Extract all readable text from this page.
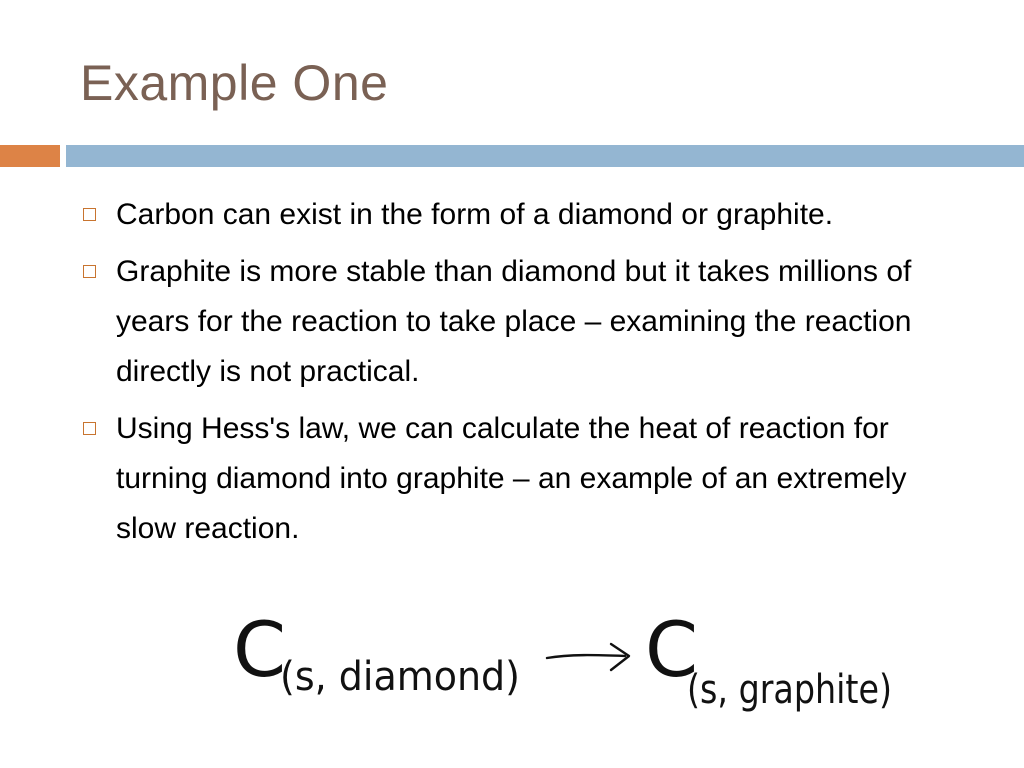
Example One
Carbon can exist in the form of a diamond or graphite.
Graphite is more stable than diamond but it takes millions of years for the reaction to take place – examining the reaction directly is not practical.
Using Hess's law, we can calculate the heat of reaction for turning diamond into graphite – an example of an extremely slow reaction.
C
(s, diamond) C
(s, graphite)
